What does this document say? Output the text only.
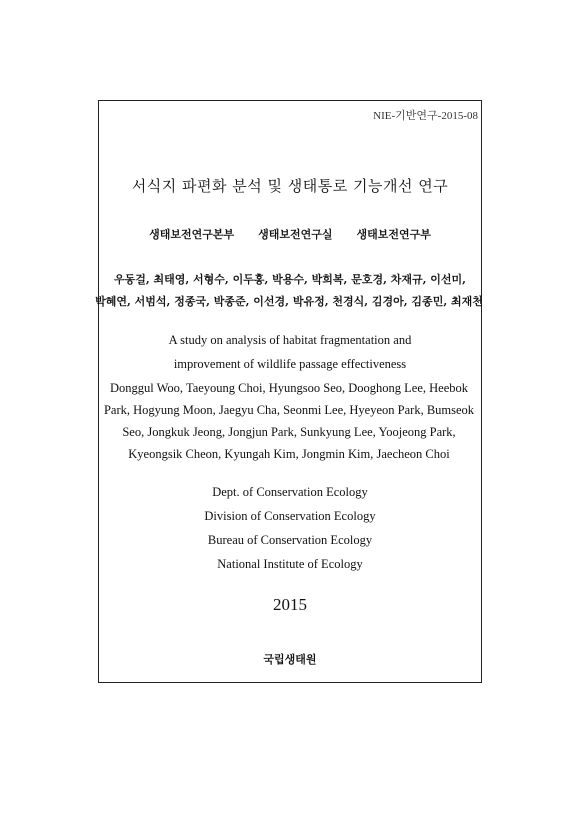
NIE-기반연구-2015-08
서식지 파편화 분석 및 생태통로 기능개선 연구
생태보전연구본부 생태보전연구실 생태보전연구부
우동걸, 최태영, 서형수, 이두홍, 박용수, 박희복, 문호경, 차재규, 이선미,
박혜연, 서범석, 정종국, 박종준, 이선경, 박유정, 천경식, 김경아, 김종민, 최재천
A study on analysis of habitat fragmentation and
improvement of wildlife passage effectiveness
Donggul Woo, Taeyoung Choi, Hyungsoo Seo, Dooghong Lee, Heebok
Park, Hogyung Moon, Jaegyu Cha, Seonmi Lee, Hyeyeon Park, Bumseok
Seo, Jongkuk Jeong, Jongjun Park, Sunkyung Lee, Yoojeong Park,
Kyeongsik Cheon, Kyungah Kim, Jongmin Kim, Jaecheon Choi
Dept. of Conservation Ecology
Division of Conservation Ecology
Bureau of Conservation Ecology
National Institute of Ecology
2015
국립생태원
